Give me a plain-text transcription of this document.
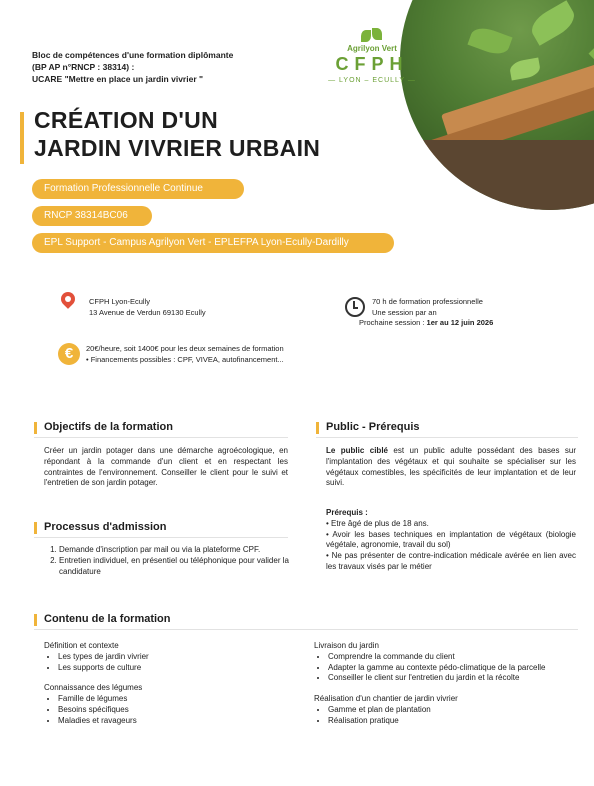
Agrilyon Vert
CFPH
— LYON – ECULLY —
Bloc de compétences d'une formation diplômante
(BP AP n°RNCP : 38314) :
UCARE "Mettre en place un jardin vivrier "
CRÉATION D'UN
JARDIN VIVRIER URBAIN
Formation Professionnelle Continue
RNCP 38314BC06
EPL Support - Campus Agrilyon Vert - EPLEFPA Lyon-Ecully-Dardilly
CFPH Lyon-Ecully
13 Avenue de Verdun 69130 Ecully
70 h de formation professionnelle
Une session par an
Prochaine session : 1er au 12 juin 2026
€	20€/heure, soit 1400€ pour les deux semaines de formation
• Financements possibles : CPF, VIVEA, autofinancement...
Objectifs de la formation
Créer un jardin potager dans une démarche agroécologique, en répondant à la commande d'un client et en respectant les contraintes de l'environnement. Conseiller le client pour le suivi et l'entretien de son jardin potager.
Processus d'admission
1. Demande d'inscription par mail ou via la plateforme CPF.
2. Entretien individuel, en présentiel ou téléphonique pour valider la candidature
Public - Prérequis
Le public ciblé est un public adulte possédant des bases sur l'implantation des végétaux et qui souhaite se spécialiser sur les végétaux comestibles, les spécificités de leur implantation et de leur suivi.
Prérequis :
• Etre âgé de plus de 18 ans.
• Avoir les bases techniques en implantation de végétaux (biologie végétale, agronomie, travail du sol)
• Ne pas présenter de contre-indication médicale avérée en lien avec les travaux visés par le métier
Contenu de la formation
Définition et contexte
• Les types de jardin vivrier
• Les supports de culture
Connaissance des légumes
• Famille de légumes
• Besoins spécifiques
• Maladies et ravageurs
Livraison du jardin
• Comprendre la commande du client
• Adapter la gamme au contexte pédo-climatique de la parcelle
• Conseiller le client sur l'entretien du jardin et la récolte
Réalisation d'un chantier de jardin vivrier
• Gamme et plan de plantation
• Réalisation pratique
